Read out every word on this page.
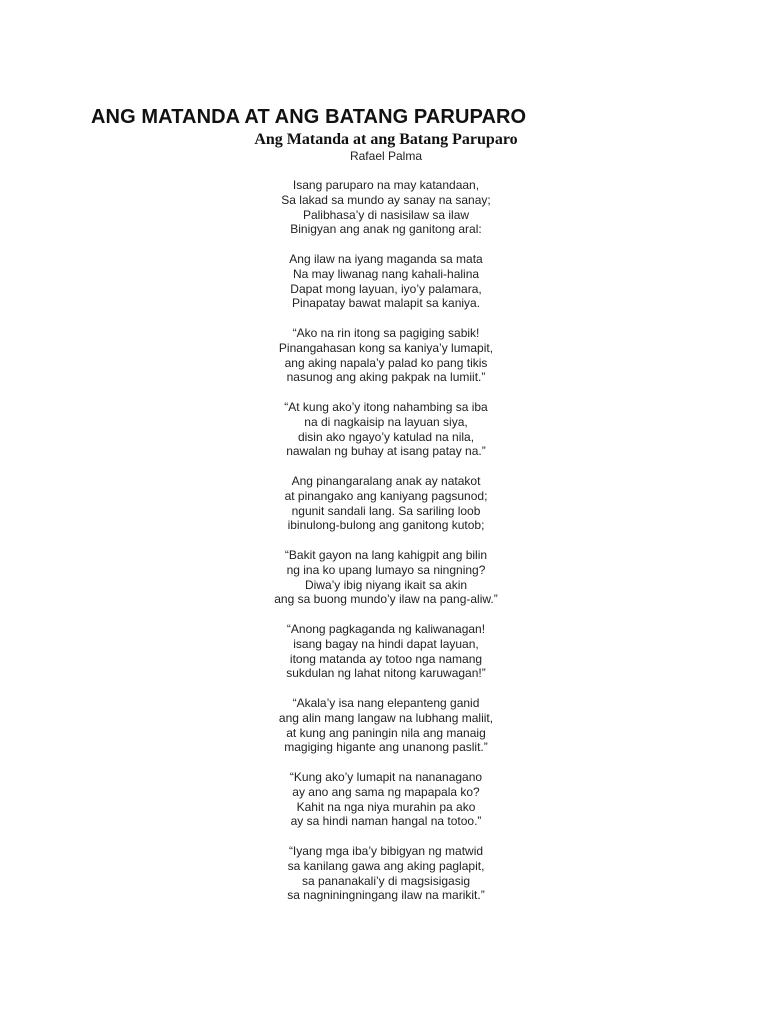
ANG MATANDA AT ANG BATANG PARUPARO

Ang Matanda at ang Batang Paruparo

Rafael Palma

Isang paruparo na may katandaan,
Sa lakad sa mundo ay sanay na sanay;
Palibhasa’y di nasisilaw sa ilaw
Binigyan ang anak ng ganitong aral:
Ang ilaw na iyang maganda sa mata
Na may liwanag nang kahali-halina
Dapat mong layuan, iyo’y palamara,
Pinapatay bawat malapit sa kaniya.
“Ako na rin itong sa pagiging sabik!
Pinangahasan kong sa kaniya’y lumapit,
ang aking napala’y palad ko pang tikis
nasunog ang aking pakpak na lumiit.”
“At kung ako’y itong nahambing sa iba
na di nagkaisip na layuan siya,
disin ako ngayo’y katulad na nila,
nawalan ng buhay at isang patay na.”
Ang pinangaralang anak ay natakot
at pinangako ang kaniyang pagsunod;
ngunit sandali lang. Sa sariling loob
ibinulong-bulong ang ganitong kutob;
“Bakit gayon na lang kahigpit ang bilin
ng ina ko upang lumayo sa ningning?
Diwa’y ibig niyang ikait sa akin
ang sa buong mundo’y ilaw na pang-aliw.”
“Anong pagkaganda ng kaliwanagan!
isang bagay na hindi dapat layuan,
itong matanda ay totoo nga namang
sukdulan ng lahat nitong karuwagan!”
“Akala’y isa nang elepanteng ganid
ang alin mang langaw na lubhang maliit,
at kung ang paningin nila ang manaig
magiging higante ang unanong paslit.”
“Kung ako’y lumapit na nananagano
ay ano ang sama ng mapapala ko?
Kahit na nga niya murahin pa ako
ay sa hindi naman hangal na totoo.”
“Iyang mga iba’y bibigyan ng matwid
sa kanilang gawa ang aking paglapit,
sa pananakali’y di magsisigasig
sa nagniningningang ilaw na marikit.”
